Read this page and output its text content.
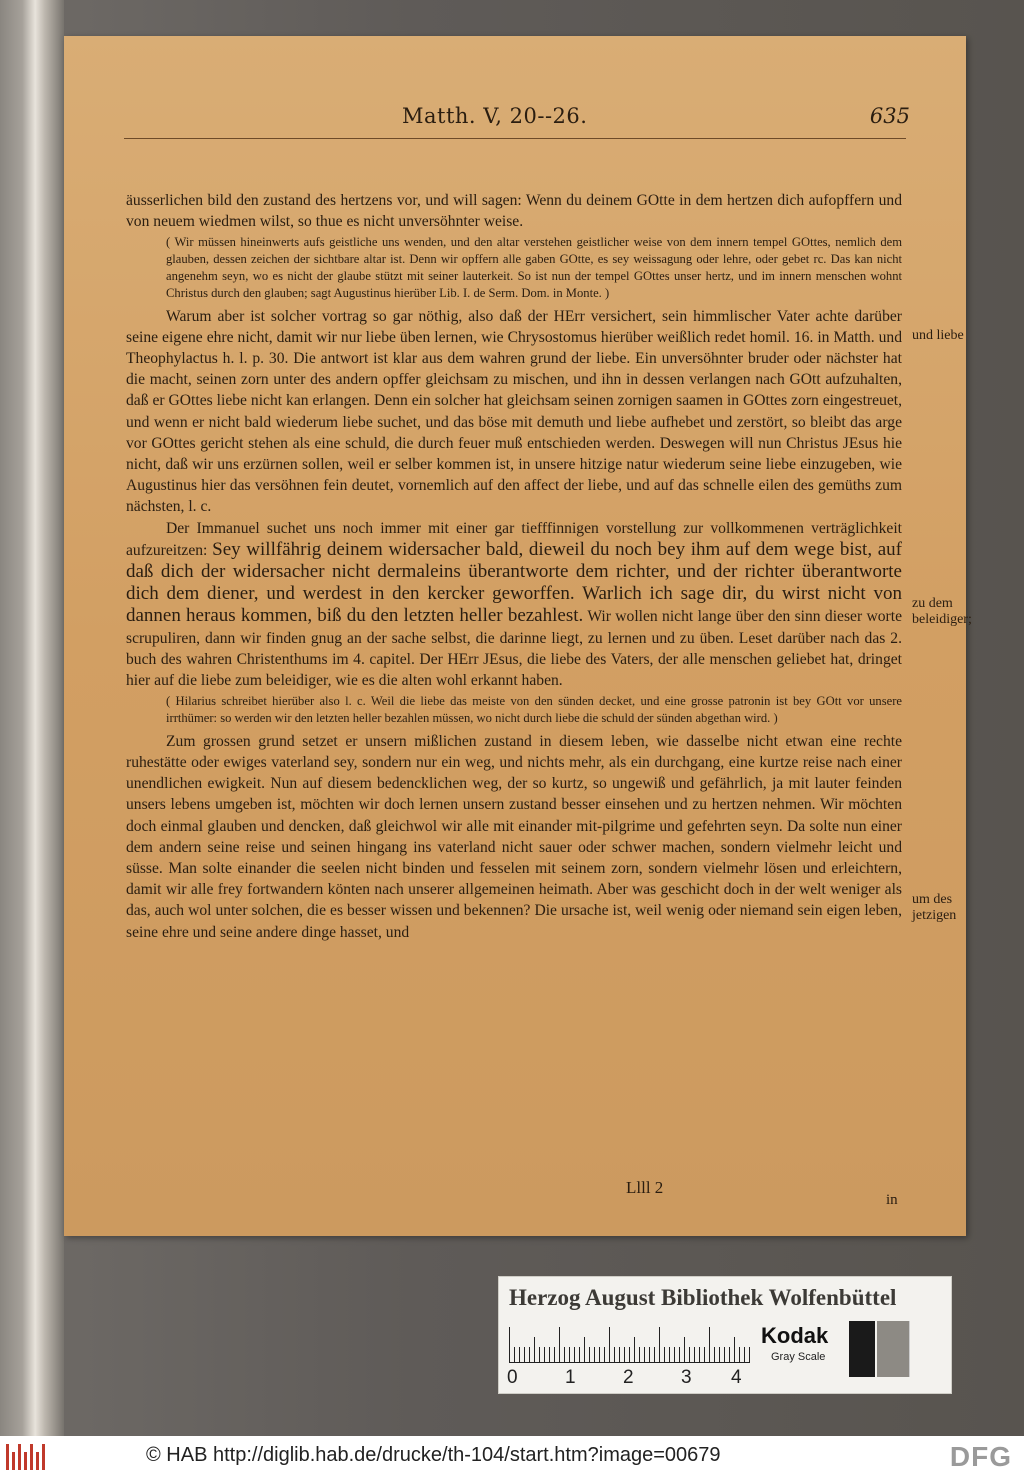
Matth. V, 20--26.	635

äusserlichen bild den zustand des hertzens vor, und will sagen: Wenn du deinem GOtte in dem hertzen dich aufopffern und von neuem wiedmen wilst, so thue es nicht unversöhnter weise.

( Wir müssen hineinwerts aufs geistliche uns wenden, und den altar verstehen geistlicher weise von dem innern tempel GOttes, nemlich dem glauben, dessen zeichen der sichtbare altar ist. Denn wir opffern alle gaben GOtte, es sey weissagung oder lehre, oder gebet rc. Das kan nicht angenehm seyn, wo es nicht der glaube stützt mit seiner lauterkeit. So ist nun der tempel GOttes unser hertz, und im innern menschen wohnt Christus durch den glauben; sagt Augustinus hierüber Lib. I. de Serm. Dom. in Monte. )

Warum aber ist solcher vortrag so gar nöthig, also daß der HErr versichert, sein himmlischer Vater achte darüber seine eigene ehre nicht, damit wir nur liebe üben lernen, wie Chrysostomus hierüber weißlich redet homil. 16. in Matth. und Theophylactus h. l. p. 30. Die antwort ist klar aus dem wahren grund der liebe. Ein unversöhnter bruder oder nächster hat die macht, seinen zorn unter des andern opffer gleichsam zu mischen, und ihn in dessen verlangen nach GOtt aufzuhalten, daß er GOttes liebe nicht kan erlangen. Denn ein solcher hat gleichsam seinen zornigen saamen in GOttes zorn eingestreuet, und wenn er nicht bald wiederum liebe suchet, und das böse mit demuth und liebe aufhebet und zerstört, so bleibt das arge vor GOttes gericht stehen als eine schuld, die durch feuer muß entschieden werden. Deswegen will nun Christus JEsus hie nicht, daß wir uns erzürnen sollen, weil er selber kommen ist, in unsere hitzige natur wiederum seine liebe einzugeben, wie Augustinus hier das versöhnen fein deutet, vornemlich auf den affect der liebe, und auf das schnelle eilen des gemüths zum nächsten, l. c.

Der Immanuel suchet uns noch immer mit einer gar tiefffinnigen vorstellung zur vollkommenen verträglichkeit aufzureitzen: Sey willfährig deinem widersacher bald, dieweil du noch bey ihm auf dem wege bist, auf daß dich der widersacher nicht dermaleins überantworte dem richter, und der richter überantworte dich dem diener, und werdest in den kercker geworffen. Warlich ich sage dir, du wirst nicht von dannen heraus kommen, biß du den letzten heller bezahlest. Wir wollen nicht lange über den sinn dieser worte scrupuliren, dann wir finden gnug an der sache selbst, die darinne liegt, zu lernen und zu üben. Leset darüber nach das 2. buch des wahren Christenthums im 4. capitel. Der HErr JEsus, die liebe des Vaters, der alle menschen geliebet hat, dringet hier auf die liebe zum beleidiger, wie es die alten wohl erkannt haben.

( Hilarius schreibet hierüber also l. c. Weil die liebe das meiste von den sünden decket, und eine grosse patronin ist bey GOtt vor unsere irrthümer: so werden wir den letzten heller bezahlen müssen, wo nicht durch liebe die schuld der sünden abgethan wird. )

Zum grossen grund setzet er unsern mißlichen zustand in diesem leben, wie dasselbe nicht etwan eine rechte ruhestätte oder ewiges vaterland sey, sondern nur ein weg, und nichts mehr, als ein durchgang, eine kurtze reise nach einer unendlichen ewigkeit. Nun auf diesem bedencklichen weg, der so kurtz, so ungewiß und gefährlich, ja mit lauter feinden unsers lebens umgeben ist, möchten wir doch lernen unsern zustand besser einsehen und zu hertzen nehmen. Wir möchten doch einmal glauben und dencken, daß gleichwol wir alle mit einander mit-pilgrime und gefehrten seyn. Da solte nun einer dem andern seine reise und seinen hingang ins vaterland nicht sauer oder schwer machen, sondern vielmehr leicht und süsse. Man solte einander die seelen nicht binden und fesselen mit seinem zorn, sondern vielmehr lösen und erleichtern, damit wir alle frey fortwandern könten nach unserer allgemeinen heimath. Aber was geschicht doch in der welt weniger als das, auch wol unter solchen, die es besser wissen und bekennen? Die ursache ist, weil wenig oder niemand sein eigen leben, seine ehre und seine andere dinge hasset, und

und liebe
zu dem beleidiger;
um des jetzigen
Llll 2
in
Herzog August Bibliothek Wolfenbüttel
0 1 2 3 4
Kodak
Gray Scale
© HAB http://diglib.hab.de/drucke/th-104/start.htm?image=00679	DFG
